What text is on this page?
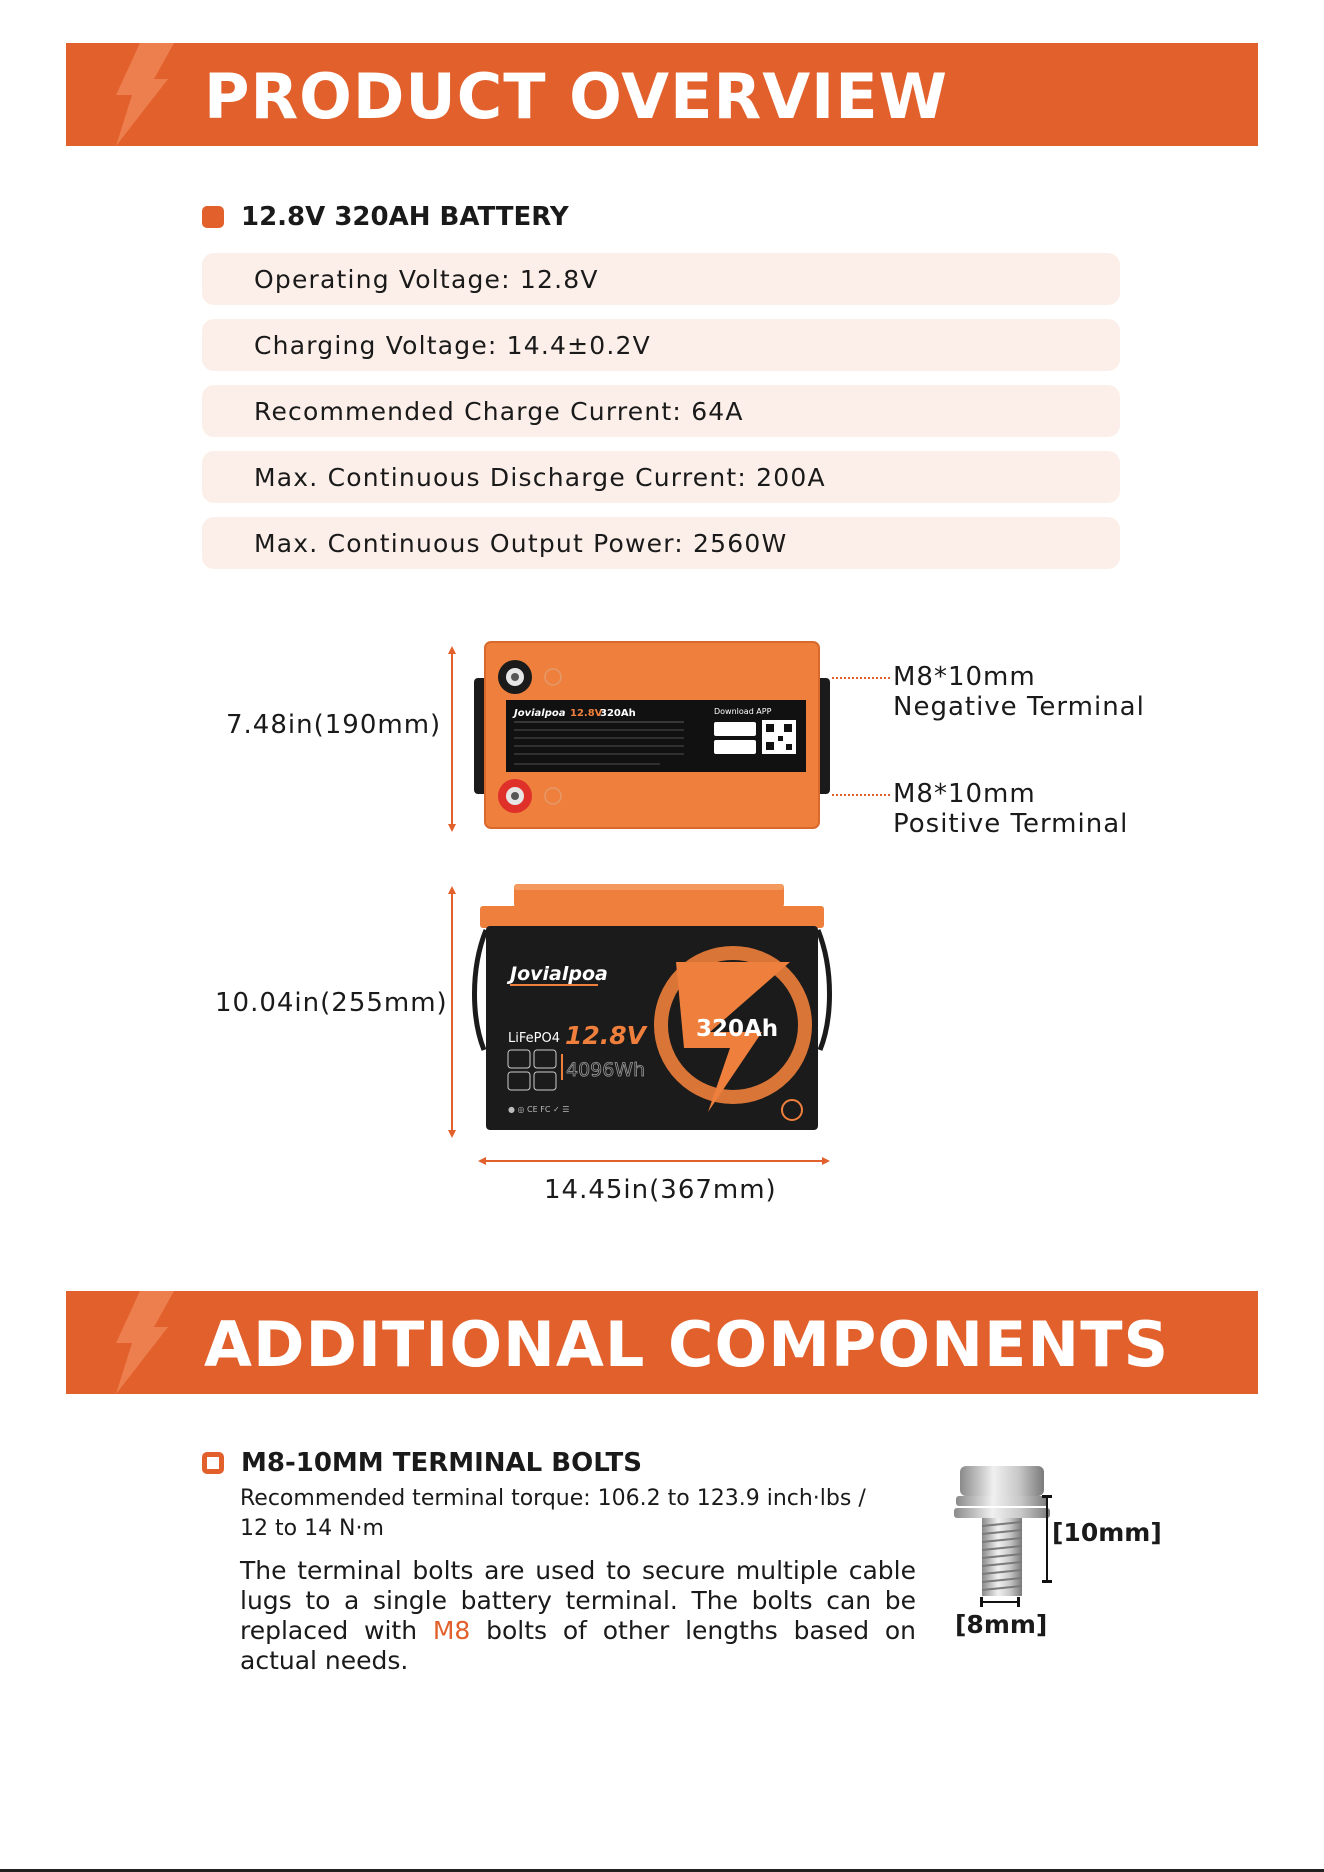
PRODUCT OVERVIEW
12.8V 320AH BATTERY
Operating Voltage: 12.8V
Charging Voltage: 14.4±0.2V
Recommended Charge Current: 64A
Max. Continuous Discharge Current: 200A
Max. Continuous Output Power: 2560W
7.48in(190mm)	Jovialpoa 12.8V
320Ah	Download APP
M8*10mm
Negative Terminal
M8*10mm
Positive Terminal
10.04in(255mm)
Jovialpoa
LiFePO4 12.8V
4096Wh
● ◎ CE FC ✓ ☰
320Ah
14.45in(367mm)
ADDITIONAL COMPONENTS
M8-10MM TERMINAL BOLTS
Recommended terminal torque: 106.2 to 123.9 inch·lbs /
12 to 14 N·m
The terminal bolts are used to secure multiple cable lugs to a single battery terminal. The bolts can be replaced with M8 bolts of other lengths based on actual needs.
[10mm]
[8mm]
